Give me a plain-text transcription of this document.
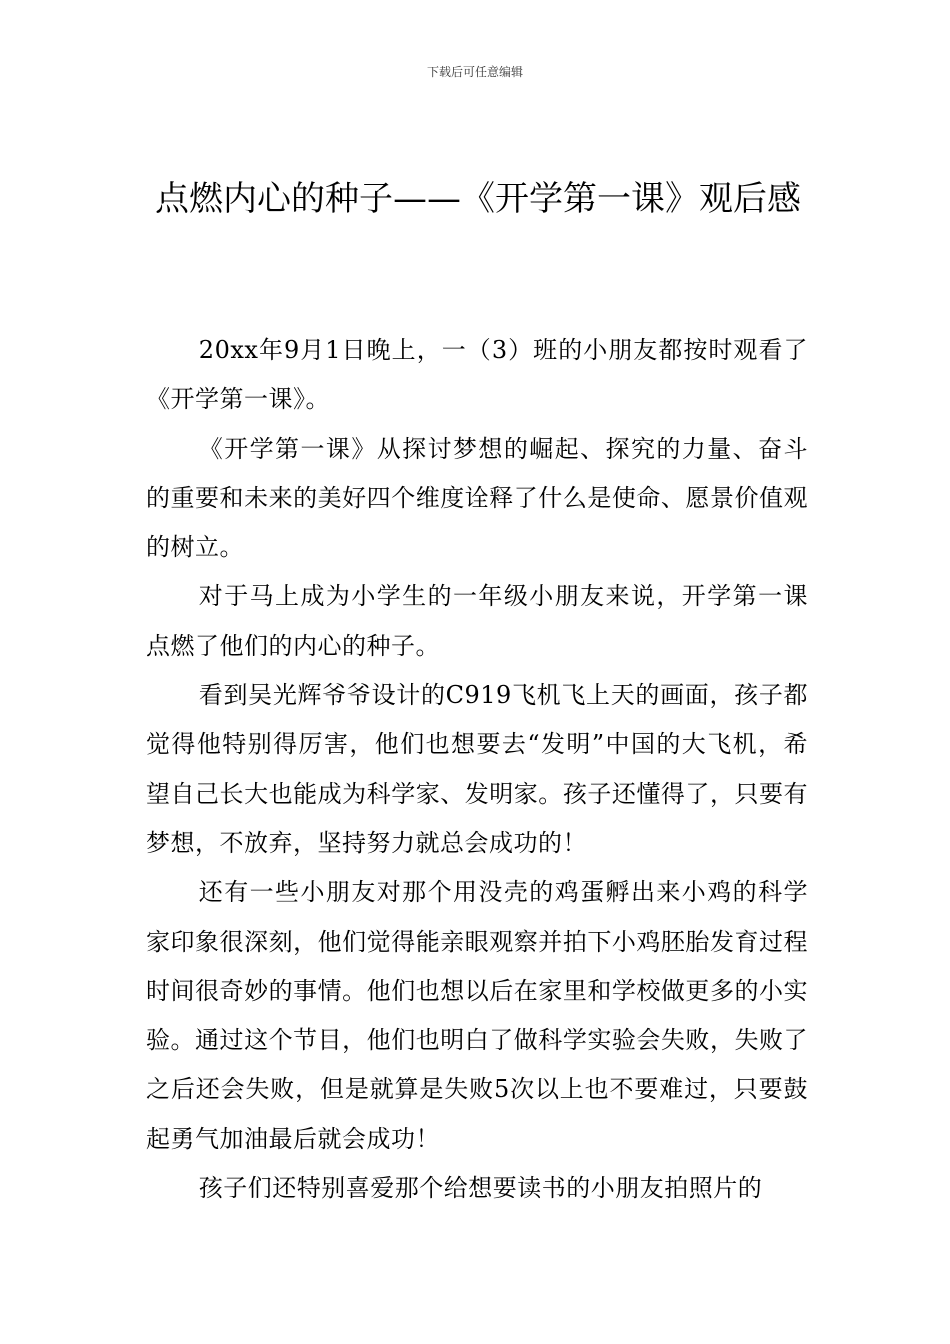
下载后可任意编辑
点燃内心的种子——《开学第一课》观后感

20xx年9月1日晚上，一（3）班的小朋友都按时观看了《开学第一课》。

《开学第一课》从探讨梦想的崛起、探究的力量、奋斗的重要和未来的美好四个维度诠释了什么是使命、愿景价值观的树立。

对于马上成为小学生的一年级小朋友来说，开学第一课点燃了他们的内心的种子。

看到吴光辉爷爷设计的C919飞机飞上天的画面，孩子都觉得他特别得厉害，他们也想要去“发明”中国的大飞机，希望自己长大也能成为科学家、发明家。孩子还懂得了，只要有梦想，不放弃，坚持努力就总会成功的！

还有一些小朋友对那个用没壳的鸡蛋孵出来小鸡的科学家印象很深刻，他们觉得能亲眼观察并拍下小鸡胚胎发育过程时间很奇妙的事情。他们也想以后在家里和学校做更多的小实验。通过这个节目，他们也明白了做科学实验会失败，失败了之后还会失败，但是就算是失败5次以上也不要难过，只要鼓起勇气加油最后就会成功！

孩子们还特别喜爱那个给想要读书的小朋友拍照片的
